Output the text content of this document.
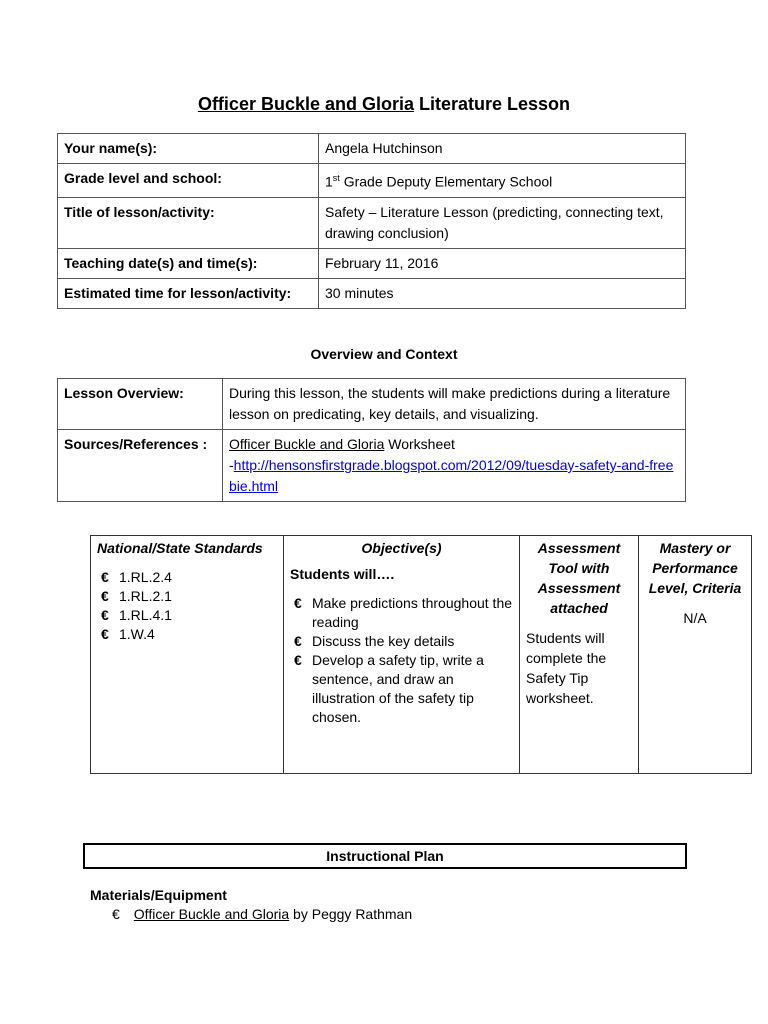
Officer Buckle and Gloria Literature Lesson
Your name(s):	Angela Hutchinson
Grade level and school:	1st Grade Deputy Elementary School
Title of lesson/activity:	Safety – Literature Lesson (predicting, connecting text, drawing conclusion)
Teaching date(s) and time(s):	February 11, 2016
Estimated time for lesson/activity:	30 minutes
Overview and Context
Lesson Overview:	During this lesson, the students will make predictions during a literature lesson on predicating, key details, and visualizing.
Sources/References :	Officer Buckle and Gloria Worksheet
-http://hensonsfirstgrade.blogspot.com/2012/09/tuesday-safety-and-freebie.html
National/State Standards
€ 1.RL.2.4
€ 1.RL.2.1
€ 1.RL.4.1
€ 1.W.4

Objective(s)
Students will….
€ Make predictions throughout the reading
€ Discuss the key details
€ Develop a safety tip, write a sentence, and draw an illustration of the safety tip chosen.

Assessment Tool with Assessment attached
Students will complete the Safety Tip worksheet.

Mastery or Performance Level, Criteria
N/A
Instructional Plan
Materials/Equipment
€ Officer Buckle and Gloria by Peggy Rathman
